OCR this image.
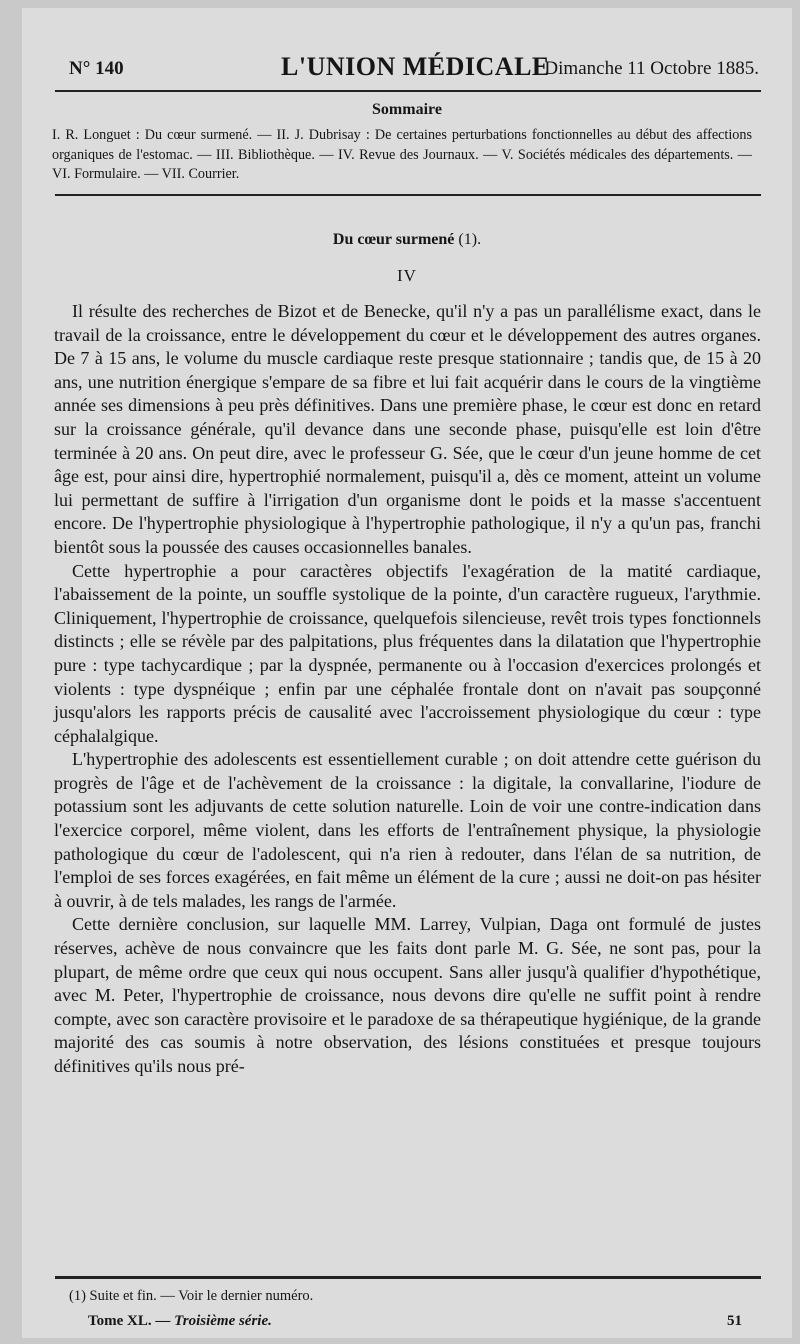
N° 140	L'UNION MÉDICALE
Dimanche 11 Octobre 1885.
Sommaire
I. R. Longuet : Du cœur surmené. — II. J. Dubrisay : De certaines perturbations fonctionnelles au début des affections organiques de l'estomac. — III. Bibliothèque. — IV. Revue des Journaux. — V. Sociétés médicales des départements. — VI. Formulaire. — VII. Courrier.
Du cœur surmené (1).
IV

Il résulte des recherches de Bizot et de Benecke, qu'il n'y a pas un parallélisme exact, dans le travail de la croissance, entre le développement du cœur et le développement des autres organes. De 7 à 15 ans, le volume du muscle cardiaque reste presque stationnaire ; tandis que, de 15 à 20 ans, une nutrition énergique s'empare de sa fibre et lui fait acquérir dans le cours de la vingtième année ses dimensions à peu près définitives. Dans une première phase, le cœur est donc en retard sur la croissance générale, qu'il devance dans une seconde phase, puisqu'elle est loin d'être terminée à 20 ans. On peut dire, avec le professeur G. Sée, que le cœur d'un jeune homme de cet âge est, pour ainsi dire, hypertrophié normalement, puisqu'il a, dès ce moment, atteint un volume lui permettant de suffire à l'irrigation d'un organisme dont le poids et la masse s'accentuent encore. De l'hypertrophie physiologique à l'hypertrophie pathologique, il n'y a qu'un pas, franchi bientôt sous la poussée des causes occasionnelles banales.

Cette hypertrophie a pour caractères objectifs l'exagération de la matité cardiaque, l'abaissement de la pointe, un souffle systolique de la pointe, d'un caractère rugueux, l'arythmie. Cliniquement, l'hypertrophie de croissance, quelquefois silencieuse, revêt trois types fonctionnels distincts ; elle se révèle par des palpitations, plus fréquentes dans la dilatation que l'hypertrophie pure : type tachycardique ; par la dyspnée, permanente ou à l'occasion d'exercices prolongés et violents : type dyspnéique ; enfin par une céphalée frontale dont on n'avait pas soupçonné jusqu'alors les rapports précis de causalité avec l'accroissement physiologique du cœur : type céphalalgique.

L'hypertrophie des adolescents est essentiellement curable ; on doit attendre cette guérison du progrès de l'âge et de l'achèvement de la croissance : la digitale, la convallarine, l'iodure de potassium sont les adjuvants de cette solution naturelle. Loin de voir une contre-indication dans l'exercice corporel, même violent, dans les efforts de l'entraînement physique, la physiologie pathologique du cœur de l'adolescent, qui n'a rien à redouter, dans l'élan de sa nutrition, de l'emploi de ses forces exagérées, en fait même un élément de la cure ; aussi ne doit-on pas hésiter à ouvrir, à de tels malades, les rangs de l'armée.

Cette dernière conclusion, sur laquelle MM. Larrey, Vulpian, Daga ont formulé de justes réserves, achève de nous convaincre que les faits dont parle M. G. Sée, ne sont pas, pour la plupart, de même ordre que ceux qui nous occupent. Sans aller jusqu'à qualifier d'hypothétique, avec M. Peter, l'hypertrophie de croissance, nous devons dire qu'elle ne suffit point à rendre compte, avec son caractère provisoire et le paradoxe de sa thérapeutique hygiénique, de la grande majorité des cas soumis à notre observation, des lésions constituées et presque toujours définitives qu'ils nous pré-

(1) Suite et fin. — Voir le dernier numéro.
Tome XL. — Troisième série.	51
